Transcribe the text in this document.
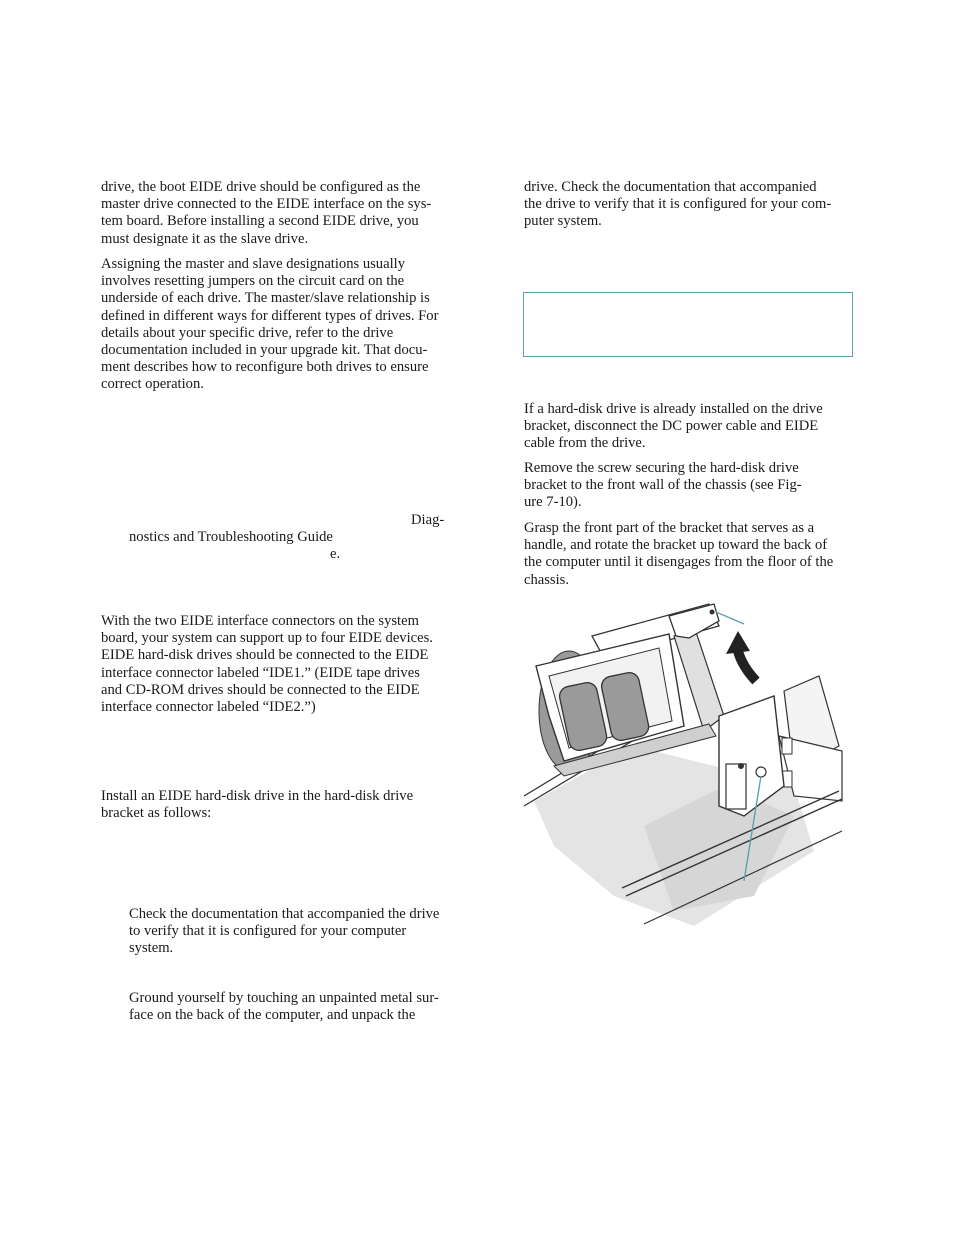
drive, the boot EIDE drive should be configured as the
master drive connected to the EIDE interface on the sys-
tem board. Before installing a second EIDE drive, you
must designate it as the slave drive.

Assigning the master and slave designations usually
involves resetting jumpers on the circuit card on the
underside of each drive. The master/slave relationship is
defined in different ways for different types of drives. For
details about your specific drive, refer to the drive
documentation included in your upgrade kit. That docu-
ment describes how to reconfigure both drives to ensure
correct operation.

Diag-
nostics and Troubleshooting Guide
e.

With the two EIDE interface connectors on the system
board, your system can support up to four EIDE devices.
EIDE hard-disk drives should be connected to the EIDE
interface connector labeled “IDE1.” (EIDE tape drives
and CD-ROM drives should be connected to the EIDE
interface connector labeled “IDE2.”)

Install an EIDE hard-disk drive in the hard-disk drive
bracket as follows:

Check the documentation that accompanied the drive
to verify that it is configured for your computer
system.

Ground yourself by touching an unpainted metal sur-
face on the back of the computer, and unpack the

drive. Check the documentation that accompanied
the drive to verify that it is configured for your com-
puter system.

If a hard-disk drive is already installed on the drive
bracket, disconnect the DC power cable and EIDE
cable from the drive.

Remove the screw securing the hard-disk drive
bracket to the front wall of the chassis (see Fig-
ure 7-10).

Grasp the front part of the bracket that serves as a
handle, and rotate the bracket up toward the back of
the computer until it disengages from the floor of the
chassis.
